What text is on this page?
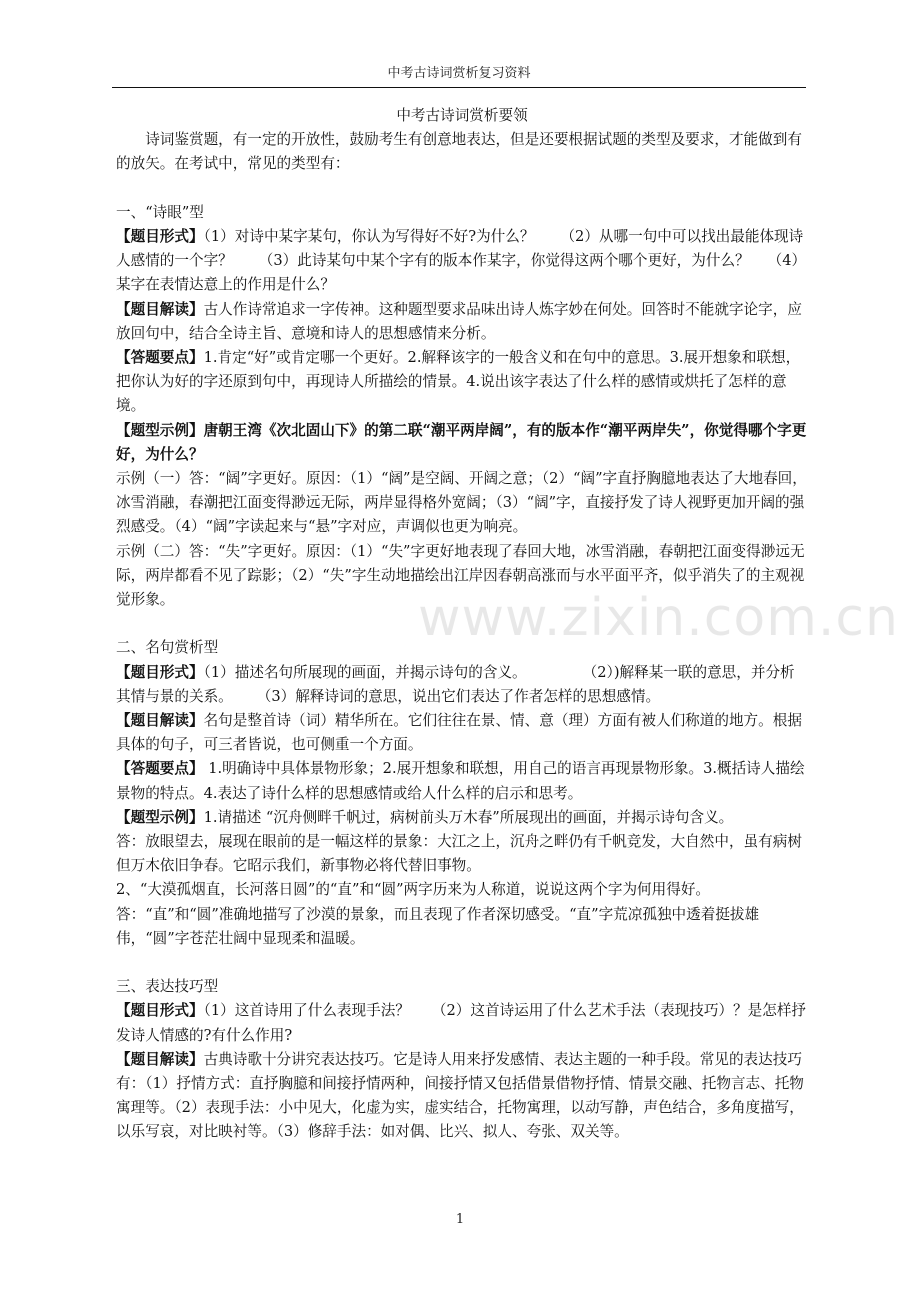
中考古诗词赏析复习资料

中考古诗词赏析要领

诗词鉴赏题，有一定的开放性，鼓励考生有创意地表达，但是还要根据试题的类型及要求，才能做到有的放矢。在考试中，常见的类型有：

一、“诗眼”型

【题目形式】（1）对诗中某字某句，你认为写得好不好?为什么？ （2）从哪一句中可以找出最能体现诗人感情的一个字？ （3）此诗某句中某个字有的版本作某字，你觉得这两个哪个更好，为什么？ （4）某字在表情达意上的作用是什么？

【题目解读】古人作诗常追求一字传神。这种题型要求品味出诗人炼字妙在何处。回答时不能就字论字，应放回句中，结合全诗主旨、意境和诗人的思想感情来分析。

【答题要点】1.肯定“好”或肯定哪一个更好。2.解释该字的一般含义和在句中的意思。3.展开想象和联想，把你认为好的字还原到句中，再现诗人所描绘的情景。4.说出该字表达了什么样的感情或烘托了怎样的意境。

【题型示例】唐朝王湾《次北固山下》的第二联“潮平两岸阔”，有的版本作“潮平两岸失”，你觉得哪个字更好，为什么？

示例（一）答：“阔”字更好。原因：（1）“阔”是空阔、开阔之意；（2）“阔”字直抒胸臆地表达了大地春回，冰雪消融，春潮把江面变得渺远无际，两岸显得格外宽阔；（3）“阔”字，直接抒发了诗人视野更加开阔的强烈感受。（4）“阔”字读起来与“悬”字对应，声调似也更为响亮。

示例（二）答：“失”字更好。原因：（1）“失”字更好地表现了春回大地，冰雪消融，春朝把江面变得渺远无际，两岸都看不见了踪影；（2）“失”字生动地描绘出江岸因春朝高涨而与水平面平齐，似乎消失了的主观视觉形象。

二、名句赏析型

【题目形式】（1）描述名句所展现的画面，并揭示诗句的含义。	（2）)解释某一联的意思，并分析其情与景的关系。 （3）解释诗词的意思，说出它们表达了作者怎样的思想感情。

【题目解读】名句是整首诗（词）精华所在。它们往往在景、情、意（理）方面有被人们称道的地方。根据具体的句子，可三者皆说，也可侧重一个方面。

【答题要点】 1.明确诗中具体景物形象；2.展开想象和联想，用自己的语言再现景物形象。3.概括诗人描绘景物的特点。4.表达了诗什么样的思想感情或给人什么样的启示和思考。

【题型示例】1.请描述 “沉舟侧畔千帆过，病树前头万木春”所展现出的画面，并揭示诗句含义。

答：放眼望去，展现在眼前的是一幅这样的景象：大江之上，沉舟之畔仍有千帆竞发，大自然中，虽有病树但万木依旧争春。它昭示我们，新事物必将代替旧事物。

2、“大漠孤烟直，长河落日圆”的“直”和“圆”两字历来为人称道，说说这两个字为何用得好。

答：“直”和“圆”准确地描写了沙漠的景象，而且表现了作者深切感受。“直”字荒凉孤独中透着挺拔雄伟，“圆”字苍茫壮阔中显现柔和温暖。

三、表达技巧型

【题目形式】（1）这首诗用了什么表现手法？ （2）这首诗运用了什么艺术手法（表现技巧）？是怎样抒发诗人情感的?有什么作用?

【题目解读】古典诗歌十分讲究表达技巧。它是诗人用来抒发感情、表达主题的一种手段。常见的表达技巧有：（1）抒情方式：直抒胸臆和间接抒情两种，间接抒情又包括借景借物抒情、情景交融、托物言志、托物寓理等。（2）表现手法：小中见大，化虚为实，虚实结合，托物寓理，以动写静，声色结合，多角度描写，以乐写哀，对比映衬等。（3）修辞手法：如对偶、比兴、拟人、夸张、双关等。

www.zixin.com.cn
1
